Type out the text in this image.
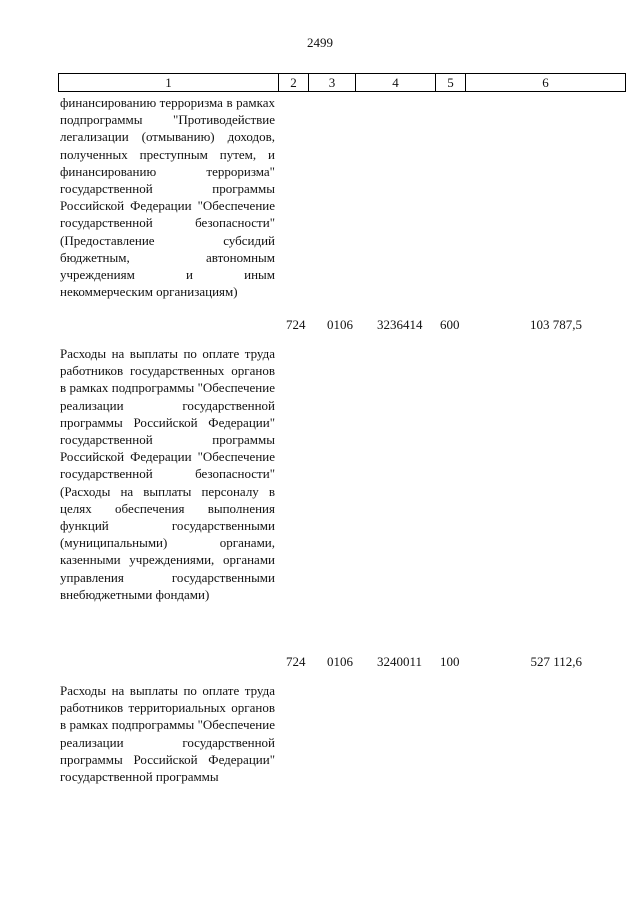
2499
1	2	3	4	5	6
финансированию терроризма в рамках подпрограммы "Противодействие легализации (отмыванию) доходов, полученных преступным путем, и финансированию терроризма" государственной программы Российской Федерации "Обеспечение государственной безопасности" (Предоставление субсидий бюджетным, автономным учреждениям и иным некоммерческим организациям)
724 0106 3236414 600	103 787,5
Расходы на выплаты по оплате труда работников государственных органов в рамках подпрограммы "Обеспечение реализации государственной программы Российской Федерации" государственной программы Российской Федерации "Обеспечение государственной безопасности" (Расходы на выплаты персоналу в целях обеспечения выполнения функций государственными (муниципальными) органами, казенными учреждениями, органами управления государственными внебюджетными фондами)
724 0106 3240011 100	527 112,6
Расходы на выплаты по оплате труда работников территориальных органов в рамках подпрограммы "Обеспечение реализации государственной программы Российской Федерации" государственной программы
